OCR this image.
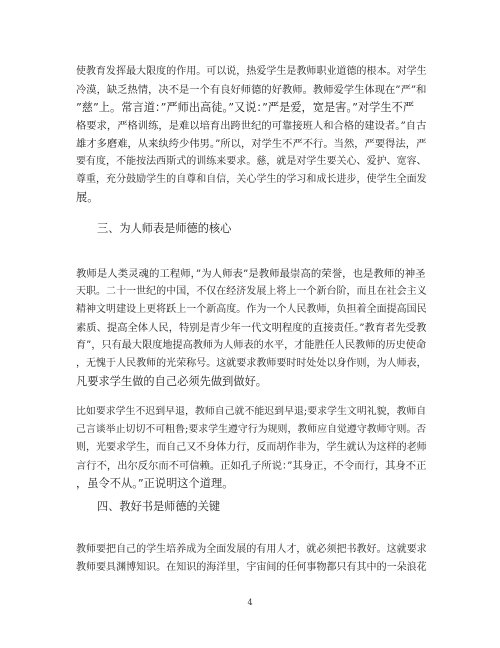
使教育发挥最大限度的作用。可以说，热爱学生是教师职业道德的根本。对学生
冷漠，缺乏热情，决不是一个有良好师德的好教师。教师爱学生体现在”严”和
”慈”上。常言道：”严师出高徒。”又说：”严是爱，宽是害。”对学生不严
格要求，严格训练，是难以培育出跨世纪的可靠接班人和合格的建设者。”自古
雄才多磨难，从来纨绔少伟男。”所以，对学生不严不行。当然，严要得法，严
要有度，不能按法西斯式的训练来要求。慈，就是对学生要关心、爱护、宽容、
尊重，充分鼓励学生的自尊和自信，关心学生的学习和成长进步，使学生全面发
展。
三、为人师表是师德的核心
教师是人类灵魂的工程师，”为人师表”是教师最崇高的荣誉，也是教师的神圣
天职。二十一世纪的中国，不仅在经济发展上将上一个新台阶，而且在社会主义
精神文明建设上更将跃上一个新高度。作为一个人民教师，负担着全面提高国民
素质、提高全体人民，特别是青少年一代文明程度的直接责任。”教育者先受教
育”，只有最大限度地提高教师为人师表的水平，才能胜任人民教师的历史使命
，无愧于人民教师的光荣称号。这就要求教师要时时处处以身作则，为人师表，
凡要求学生做的自己必须先做到做好。
比如要求学生不迟到早退，教师自己就不能迟到早退;要求学生文明礼貌，教师自
己言谈举止切切不可粗鲁;要求学生遵守行为规则，教师应自觉遵守教师守则。否
则，光要求学生，而自己又不身体力行，反而胡作非为，学生就认为这样的老师
言行不，出尔反尔而不可信赖。正如孔子所说：”其身正，不令而行，其身不正
，虽令不从。”正说明这个道理。
四、教好书是师德的关键
教师要把自己的学生培养成为全面发展的有用人才，就必须把书教好。这就要求
教师要具渊博知识。在知识的海洋里，宇宙间的任何事物都只有其中的一朵浪花
4
